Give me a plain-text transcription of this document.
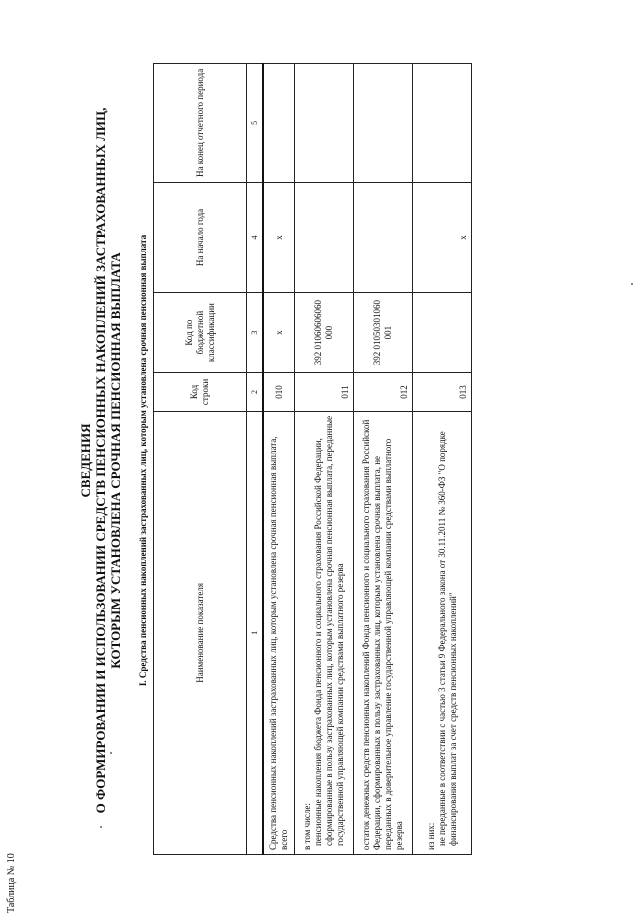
Таблица № 10
СВЕДЕНИЯ О ФОРМИРОВАНИИ И ИСПОЛЬЗОВАНИИ СРЕДСТВ ПЕНСИОННЫХ НАКОПЛЕНИЙ ЗАСТРАХОВАННЫХ ЛИЦ, КОТОРЫМ УСТАНОВЛЕНА СРОЧНАЯ ПЕНСИОННАЯ ВЫПЛАТА I. Средства пенсионных накоплений застрахованных лиц, которым установлена срочная пенсионная выплата	Наименование показателя	Код строки	Код по бюджетной классификации	На начало года	На конец отчетного периода
1	2	3	4	5
Средства пенсионных накоплений застрахованных лиц, которым установлена срочная пенсионная выплата, всего	010	х	х	

в том числе: пенсионные накопления бюджета Фонда пенсионного и социального страхования Российской Федерации, сформированные в пользу застрахованных лиц, которым установлена срочная пенсионная выплата, переданные государственной управляющей компании средствами выплатного резерва	011	392 01060606060 000		
остаток денежных средств пенсионных накоплений Фонда пенсионного и социального страхования Российской Федерации, сформированных в пользу застрахованных лиц, которым установлена срочная выплата, не переданных в доверительное управление государственной управляющей компании средствами выплатного резерва	012	392 01050301060 001		

из них: не переданные в соответствии с частью 3 статьи 9 Федерального закона от 30.11.2011 № 360-ФЗ "О порядке финансирования выплат за счет средств пенсионных накоплений"	013		х	
